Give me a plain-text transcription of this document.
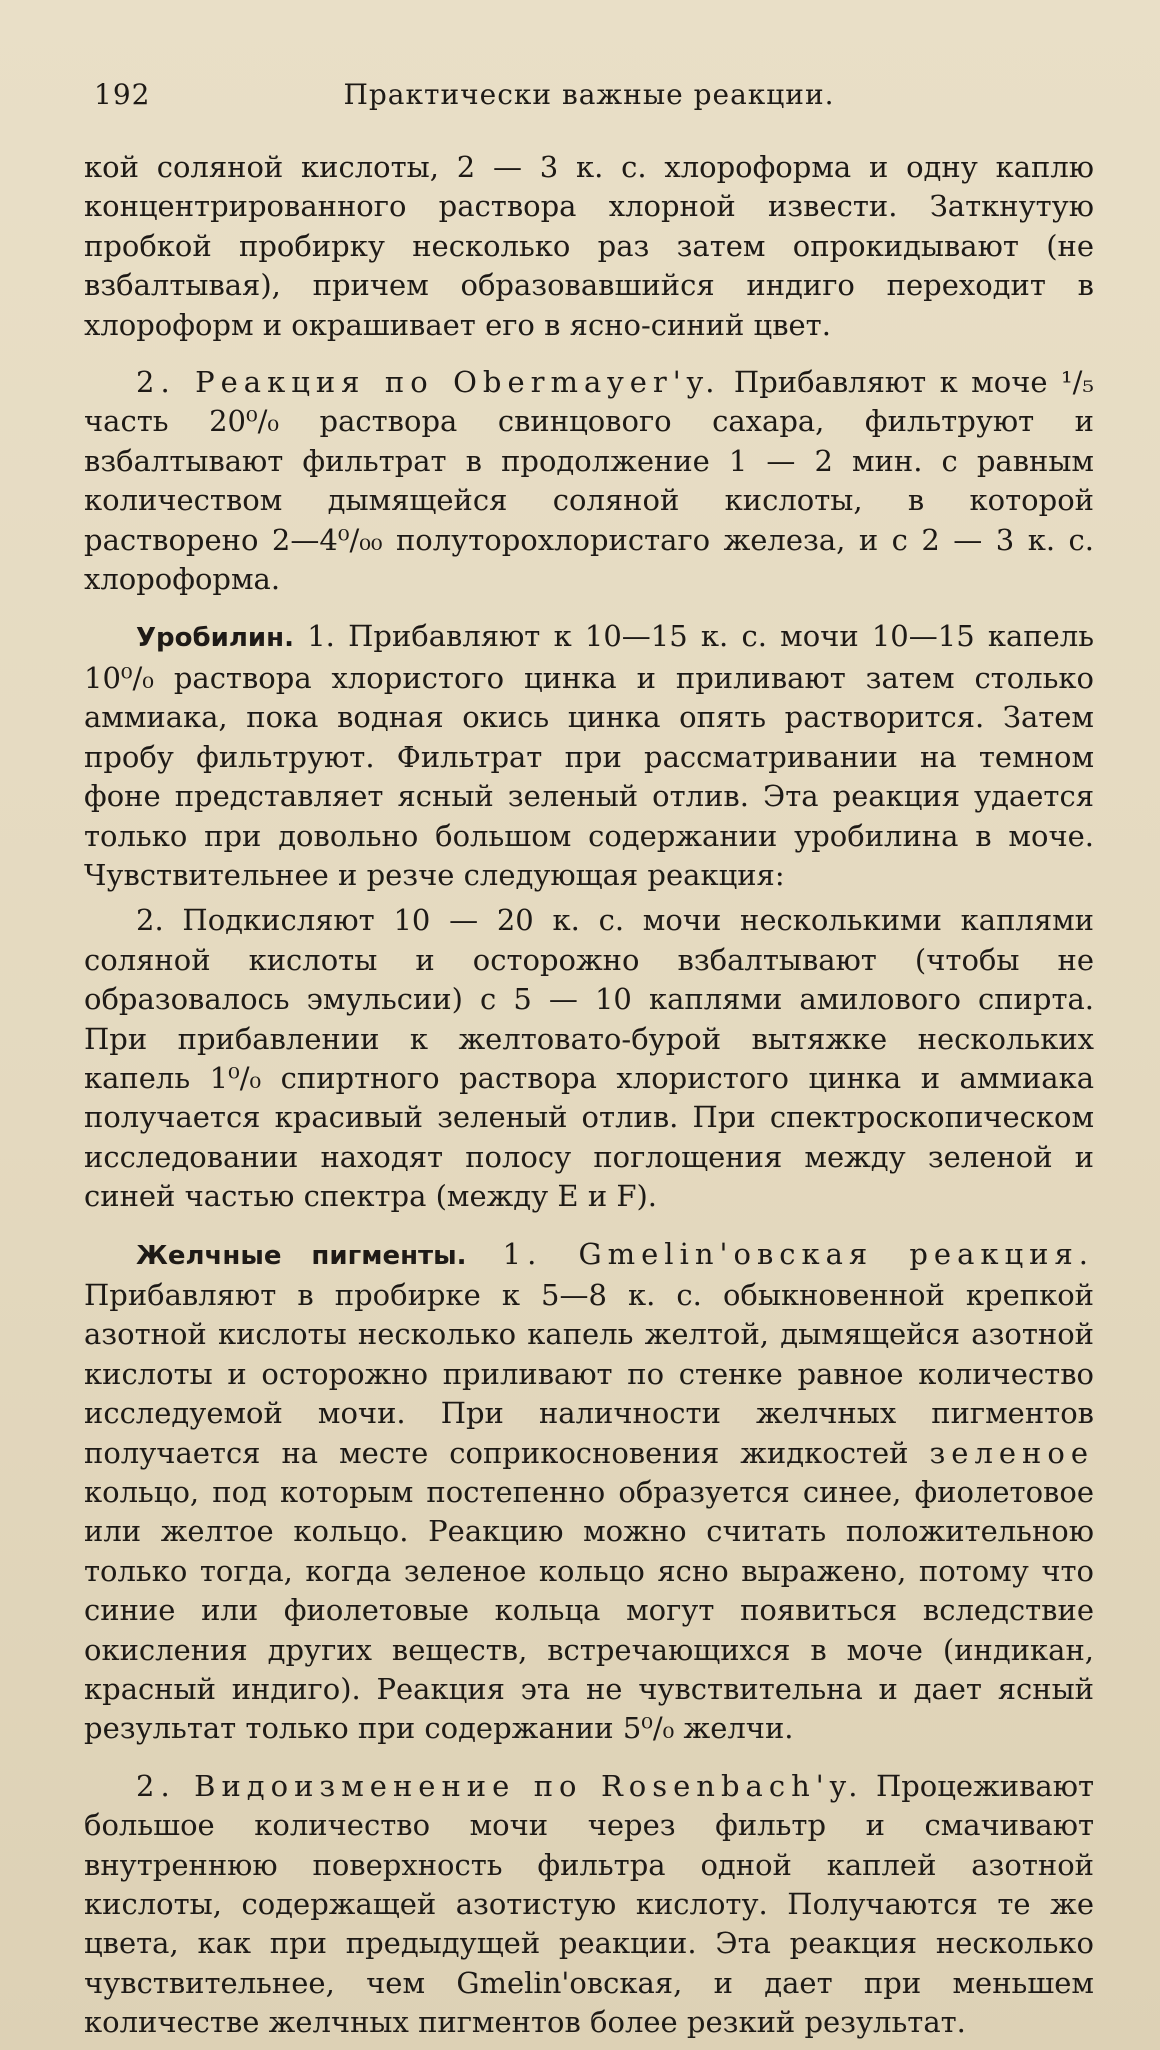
192	Практически важные реакции.

кой соляной кислоты, 2 — 3 к. с. хлороформа и одну каплю концентрированного раствора хлорной извести. Заткнутую пробкой пробирку несколько раз затем опрокидывают (не взбалтывая), причем образовавшийся индиго переходит в хлороформ и окрашивает его в ясно-синий цвет.

2. Реакция по Obermayer'y. Прибавляют к моче ¹/₅ часть 20⁰/₀ раствора свинцового сахара, фильтруют и взбалтывают фильтрат в продолжение 1 — 2 мин. с равным количеством дымящейся соляной кислоты, в которой растворено 2—4⁰/₀₀ полуторохлористаго железа, и с 2 — 3 к. с. хлороформа.

Уробилин. 1. Прибавляют к 10—15 к. с. мочи 10—15 капель 10⁰/₀ раствора хлористого цинка и приливают затем столько аммиака, пока водная окись цинка опять растворится. Затем пробу фильтруют. Фильтрат при рассматривании на темном фоне представляет ясный зеленый отлив. Эта реакция удается только при довольно большом содержании уробилина в моче. Чувствительнее и резче следующая реакция:

2. Подкисляют 10 — 20 к. с. мочи несколькими каплями соляной кислоты и осторожно взбалтывают (чтобы не образовалось эмульсии) с 5 — 10 каплями амилового спирта. При прибавлении к желтовато-бурой вытяжке нескольких капель 1⁰/₀ спиртного раствора хлористого цинка и аммиака получается красивый зеленый отлив. При спектроскопическом исследовании находят полосу поглощения между зеленой и синей частью спектра (между E и F).

Желчные пигменты. 1. Gmelin'овская реакция. Прибавляют в пробирке к 5—8 к. с. обыкновенной крепкой азотной кислоты несколько капель желтой, дымящейся азотной кислоты и осторожно приливают по стенке равное количество исследуемой мочи. При наличности желчных пигментов получается на месте соприкосновения жидкостей зеленое кольцо, под которым постепенно образуется синее, фиолетовое или желтое кольцо. Реакцию можно считать положительною только тогда, когда зеленое кольцо ясно выражено, потому что синие или фиолетовые кольца могут появиться вследствие окисления других веществ, встречающихся в моче (индикан, красный индиго). Реакция эта не чувствительна и дает ясный результат только при содержании 5⁰/₀ желчи.

2. Видоизменение по Rosenbach'y. Процеживают большое количество мочи через фильтр и смачивают внутреннюю поверхность фильтра одной каплей азотной кислоты, содержащей азотистую кислоту. Получаются те же цвета, как при предыдущей реакции. Эта реакция несколько чувствительнее, чем Gmelin'овская, и дает при меньшем количестве желчных пигментов более резкий результат.
